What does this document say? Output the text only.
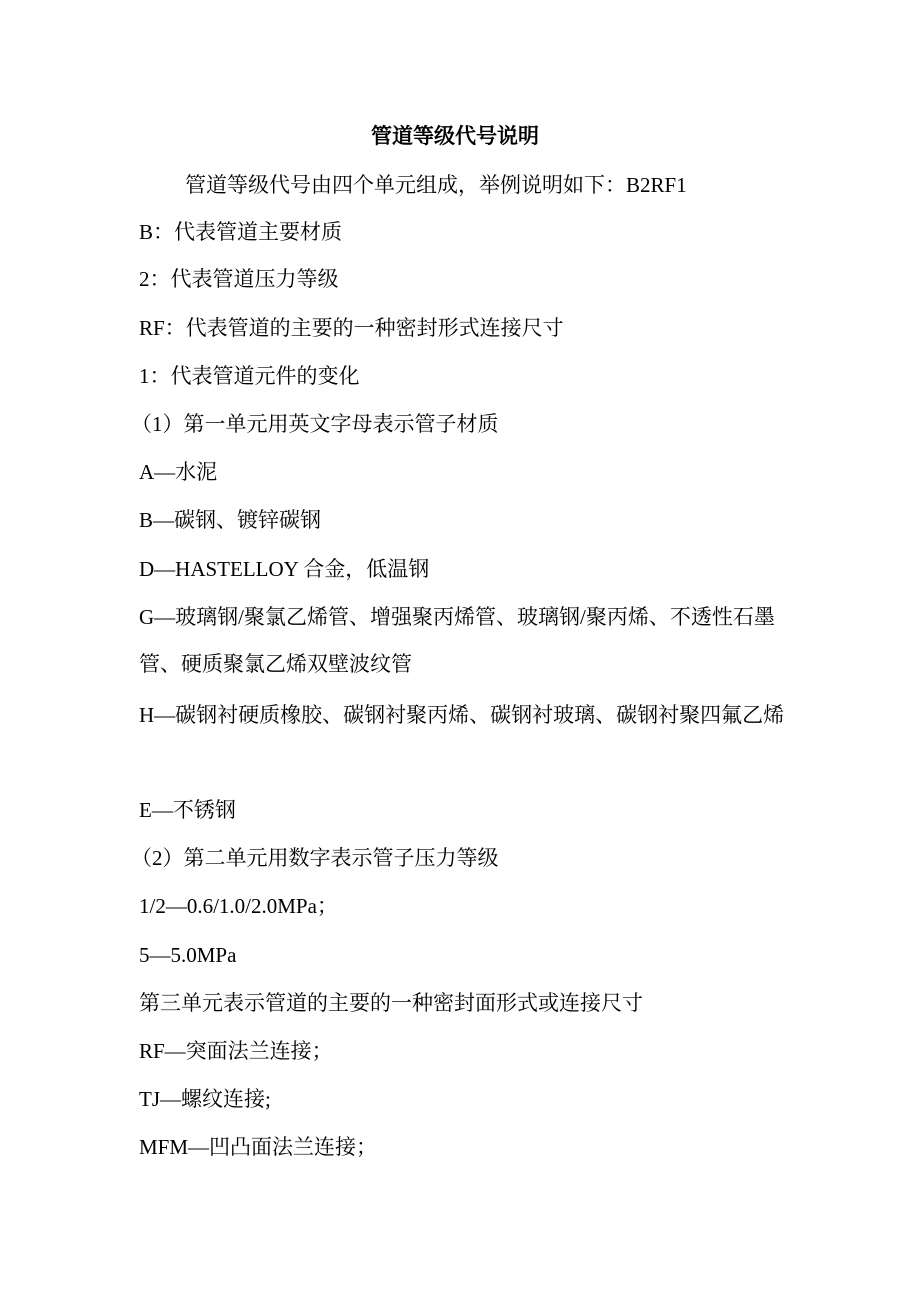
管道等级代号说明

管道等级代号由四个单元组成，举例说明如下：B2RF1

B：代表管道主要材质

2：代表管道压力等级

RF：代表管道的主要的一种密封形式连接尺寸

1：代表管道元件的变化

（1）第一单元用英文字母表示管子材质

A—水泥

B—碳钢、镀锌碳钢

D—HASTELLOY 合金，低温钢

G—玻璃钢/聚氯乙烯管、增强聚丙烯管、玻璃钢/聚丙烯、不透性石墨管、硬质聚氯乙烯双壁波纹管

H—碳钢衬硬质橡胶、碳钢衬聚丙烯、碳钢衬玻璃、碳钢衬聚四氟乙烯

E—不锈钢

（2）第二单元用数字表示管子压力等级

1/2—0.6/1.0/2.0MPa；

5—5.0MPa

第三单元表示管道的主要的一种密封面形式或连接尺寸

RF—突面法兰连接；

TJ—螺纹连接;

MFM—凹凸面法兰连接；
